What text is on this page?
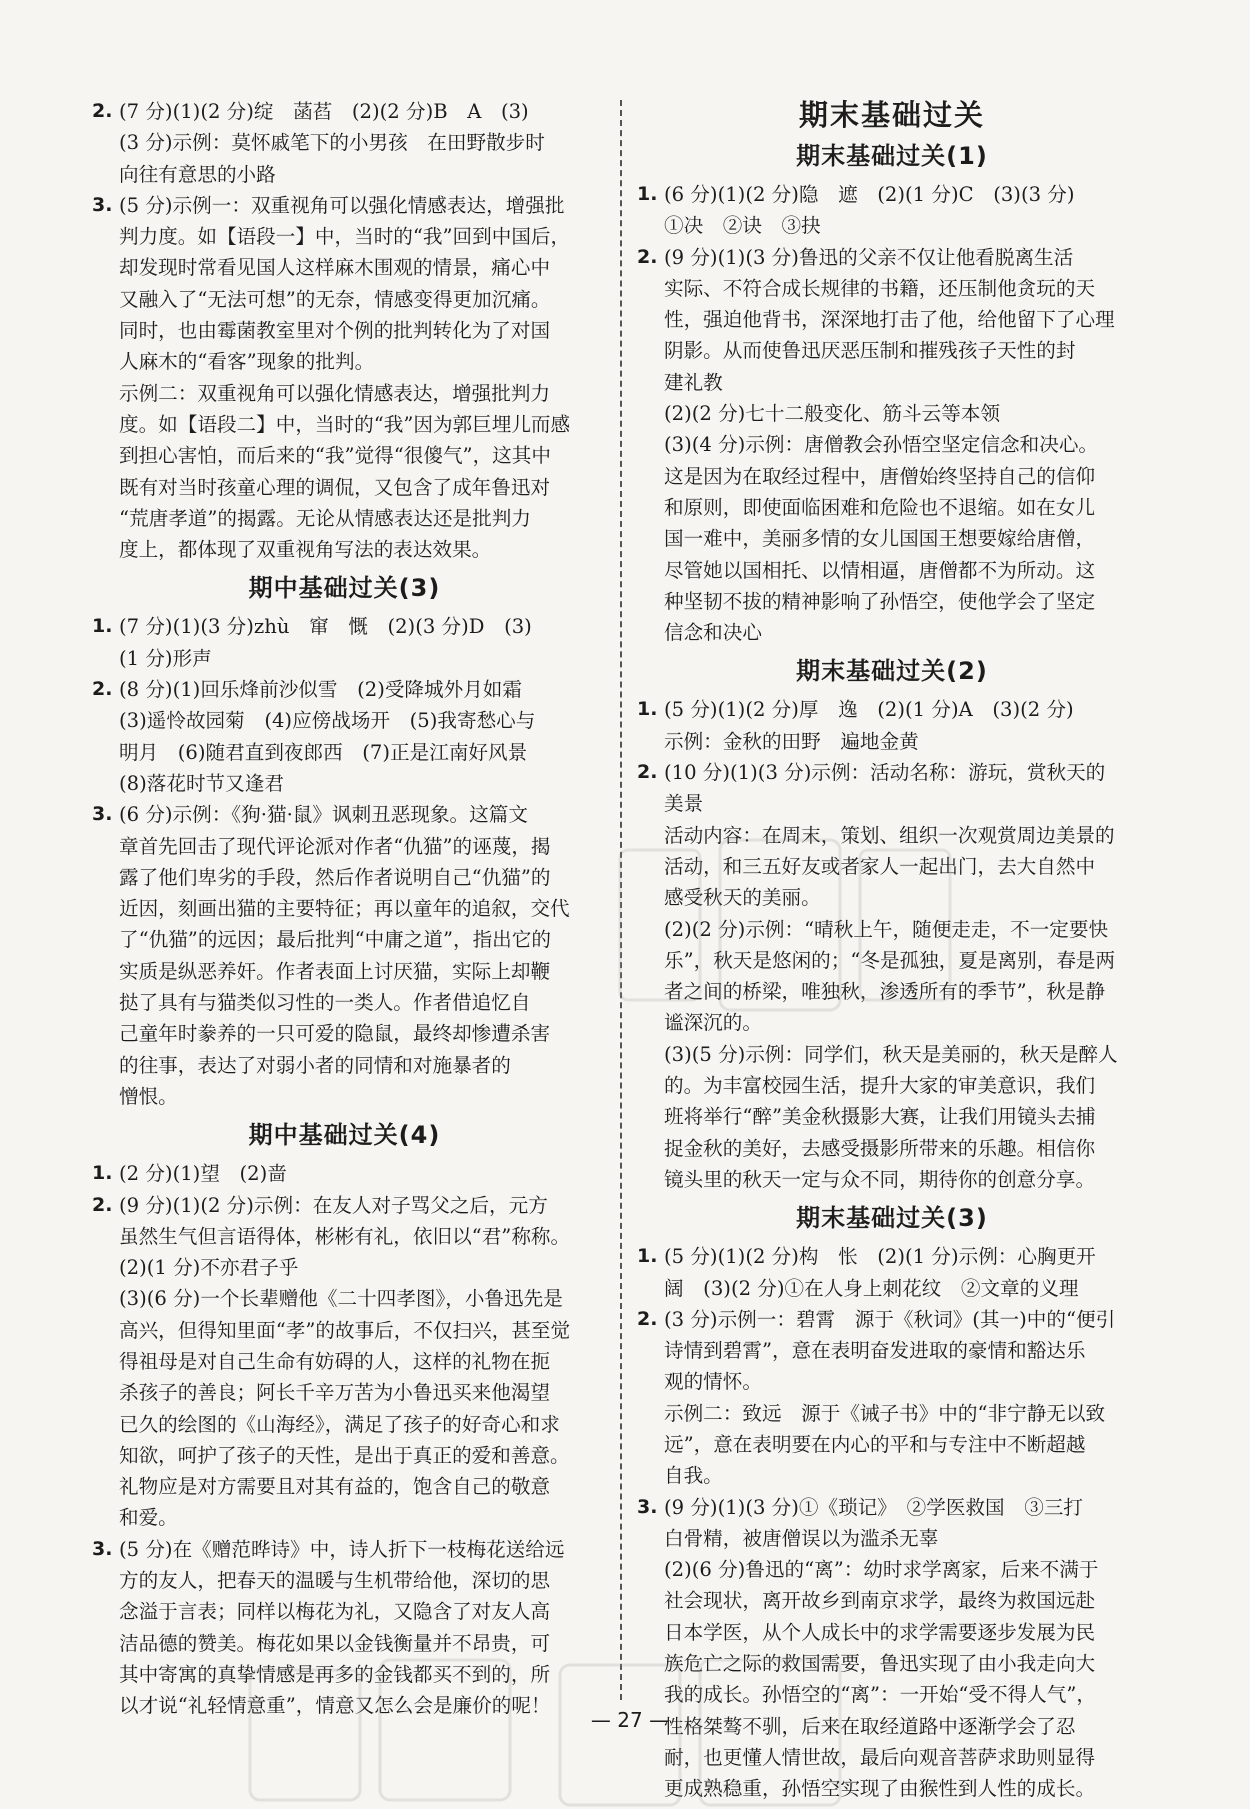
2. (7 分)(1)(2 分)绽　菡萏　(2)(2 分)B　A　(3)

(3 分)示例：莫怀戚笔下的小男孩　在田野散步时

向往有意思的小路

3. (5 分)示例一：双重视角可以强化情感表达，增强批

判力度。如【语段一】中，当时的“我”回到中国后，

却发现时常看见国人这样麻木围观的情景，痛心中

又融入了“无法可想”的无奈，情感变得更加沉痛。

同时，也由霉菌教室里对个例的批判转化为了对国

人麻木的“看客”现象的批判。

示例二：双重视角可以强化情感表达，增强批判力

度。如【语段二】中，当时的“我”因为郭巨埋儿而感

到担心害怕，而后来的“我”觉得“很傻气”，这其中

既有对当时孩童心理的调侃，又包含了成年鲁迅对

“荒唐孝道”的揭露。无论从情感表达还是批判力

度上，都体现了双重视角写法的表达效果。

期中基础过关(3)
1. (7 分)(1)(3 分)zhù　窜　慨　(2)(3 分)D　(3)

(1 分)形声

2. (8 分)(1)回乐烽前沙似雪　(2)受降城外月如霜

(3)遥怜故园菊　(4)应傍战场开　(5)我寄愁心与

明月　(6)随君直到夜郎西　(7)正是江南好风景

(8)落花时节又逢君

3. (6 分)示例：《狗·猫·鼠》讽刺丑恶现象。这篇文

章首先回击了现代评论派对作者“仇猫”的诬蔑，揭

露了他们卑劣的手段，然后作者说明自己“仇猫”的

近因，刻画出猫的主要特征；再以童年的追叙，交代

了“仇猫”的远因；最后批判“中庸之道”，指出它的

实质是纵恶养奸。作者表面上讨厌猫，实际上却鞭

挞了具有与猫类似习性的一类人。作者借追忆自

己童年时豢养的一只可爱的隐鼠，最终却惨遭杀害

的往事，表达了对弱小者的同情和对施暴者的

憎恨。

期中基础过关(4)
1. (2 分)(1)望　(2)啬

2. (9 分)(1)(2 分)示例：在友人对子骂父之后，元方

虽然生气但言语得体，彬彬有礼，依旧以“君”称称。

(2)(1 分)不亦君子乎

(3)(6 分)一个长辈赠他《二十四孝图》，小鲁迅先是

高兴，但得知里面“孝”的故事后，不仅扫兴，甚至觉

得祖母是对自己生命有妨碍的人，这样的礼物在扼

杀孩子的善良；阿长千辛万苦为小鲁迅买来他渴望

已久的绘图的《山海经》，满足了孩子的好奇心和求

知欲，呵护了孩子的天性，是出于真正的爱和善意。

礼物应是对方需要且对其有益的，饱含自己的敬意

和爱。

3. (5 分)在《赠范晔诗》中，诗人折下一枝梅花送给远

方的友人，把春天的温暖与生机带给他，深切的思

念溢于言表；同样以梅花为礼，又隐含了对友人高

洁品德的赞美。梅花如果以金钱衡量并不昂贵，可

其中寄寓的真挚情感是再多的金钱都买不到的，所

以才说“礼轻情意重”，情意又怎么会是廉价的呢！

期末基础过关
期末基础过关(1)
1. (6 分)(1)(2 分)隐　遮　(2)(1 分)C　(3)(3 分)

①决　②诀　③抉

2. (9 分)(1)(3 分)鲁迅的父亲不仅让他看脱离生活

实际、不符合成长规律的书籍，还压制他贪玩的天

性，强迫他背书，深深地打击了他，给他留下了心理

阴影。从而使鲁迅厌恶压制和摧残孩子天性的封

建礼教

(2)(2 分)七十二般变化、筋斗云等本领

(3)(4 分)示例：唐僧教会孙悟空坚定信念和决心。

这是因为在取经过程中，唐僧始终坚持自己的信仰

和原则，即使面临困难和危险也不退缩。如在女儿

国一难中，美丽多情的女儿国国王想要嫁给唐僧，

尽管她以国相托、以情相逼，唐僧都不为所动。这

种坚韧不拔的精神影响了孙悟空，使他学会了坚定

信念和决心

期末基础过关(2)
1. (5 分)(1)(2 分)厚　逸　(2)(1 分)A　(3)(2 分)

示例：金秋的田野　遍地金黄

2. (10 分)(1)(3 分)示例：活动名称：游玩，赏秋天的

美景

活动内容：在周末，策划、组织一次观赏周边美景的

活动，和三五好友或者家人一起出门，去大自然中

感受秋天的美丽。

(2)(2 分)示例：“晴秋上午，随便走走，不一定要快

乐”，秋天是悠闲的；“冬是孤独，夏是离别，春是两

者之间的桥梁，唯独秋，渗透所有的季节”，秋是静

谧深沉的。

(3)(5 分)示例：同学们，秋天是美丽的，秋天是醉人

的。为丰富校园生活，提升大家的审美意识，我们

班将举行“醉”美金秋摄影大赛，让我们用镜头去捕

捉金秋的美好，去感受摄影所带来的乐趣。相信你

镜头里的秋天一定与众不同，期待你的创意分享。

期末基础过关(3)
1. (5 分)(1)(2 分)构　怅　(2)(1 分)示例：心胸更开

阔　(3)(2 分)①在人身上刺花纹　②文章的义理

2. (3 分)示例一：碧霄　源于《秋词》(其一)中的“便引

诗情到碧霄”，意在表明奋发进取的豪情和豁达乐

观的情怀。

示例二：致远　源于《诫子书》中的“非宁静无以致

远”，意在表明要在内心的平和与专注中不断超越

自我。

3. (9 分)(1)(3 分)①《琐记》　②学医救国　③三打

白骨精，被唐僧误以为滥杀无辜

(2)(6 分)鲁迅的“离”：幼时求学离家，后来不满于

社会现状，离开故乡到南京求学，最终为救国远赴

日本学医，从个人成长中的求学需要逐步发展为民

族危亡之际的救国需要，鲁迅实现了由小我走向大

我的成长。孙悟空的“离”：一开始“受不得人气”，

性格桀骜不驯，后来在取经道路中逐渐学会了忍

耐，也更懂人情世故，最后向观音菩萨求助则显得

更成熟稳重，孙悟空实现了由猴性到人性的成长。

— 27 —
